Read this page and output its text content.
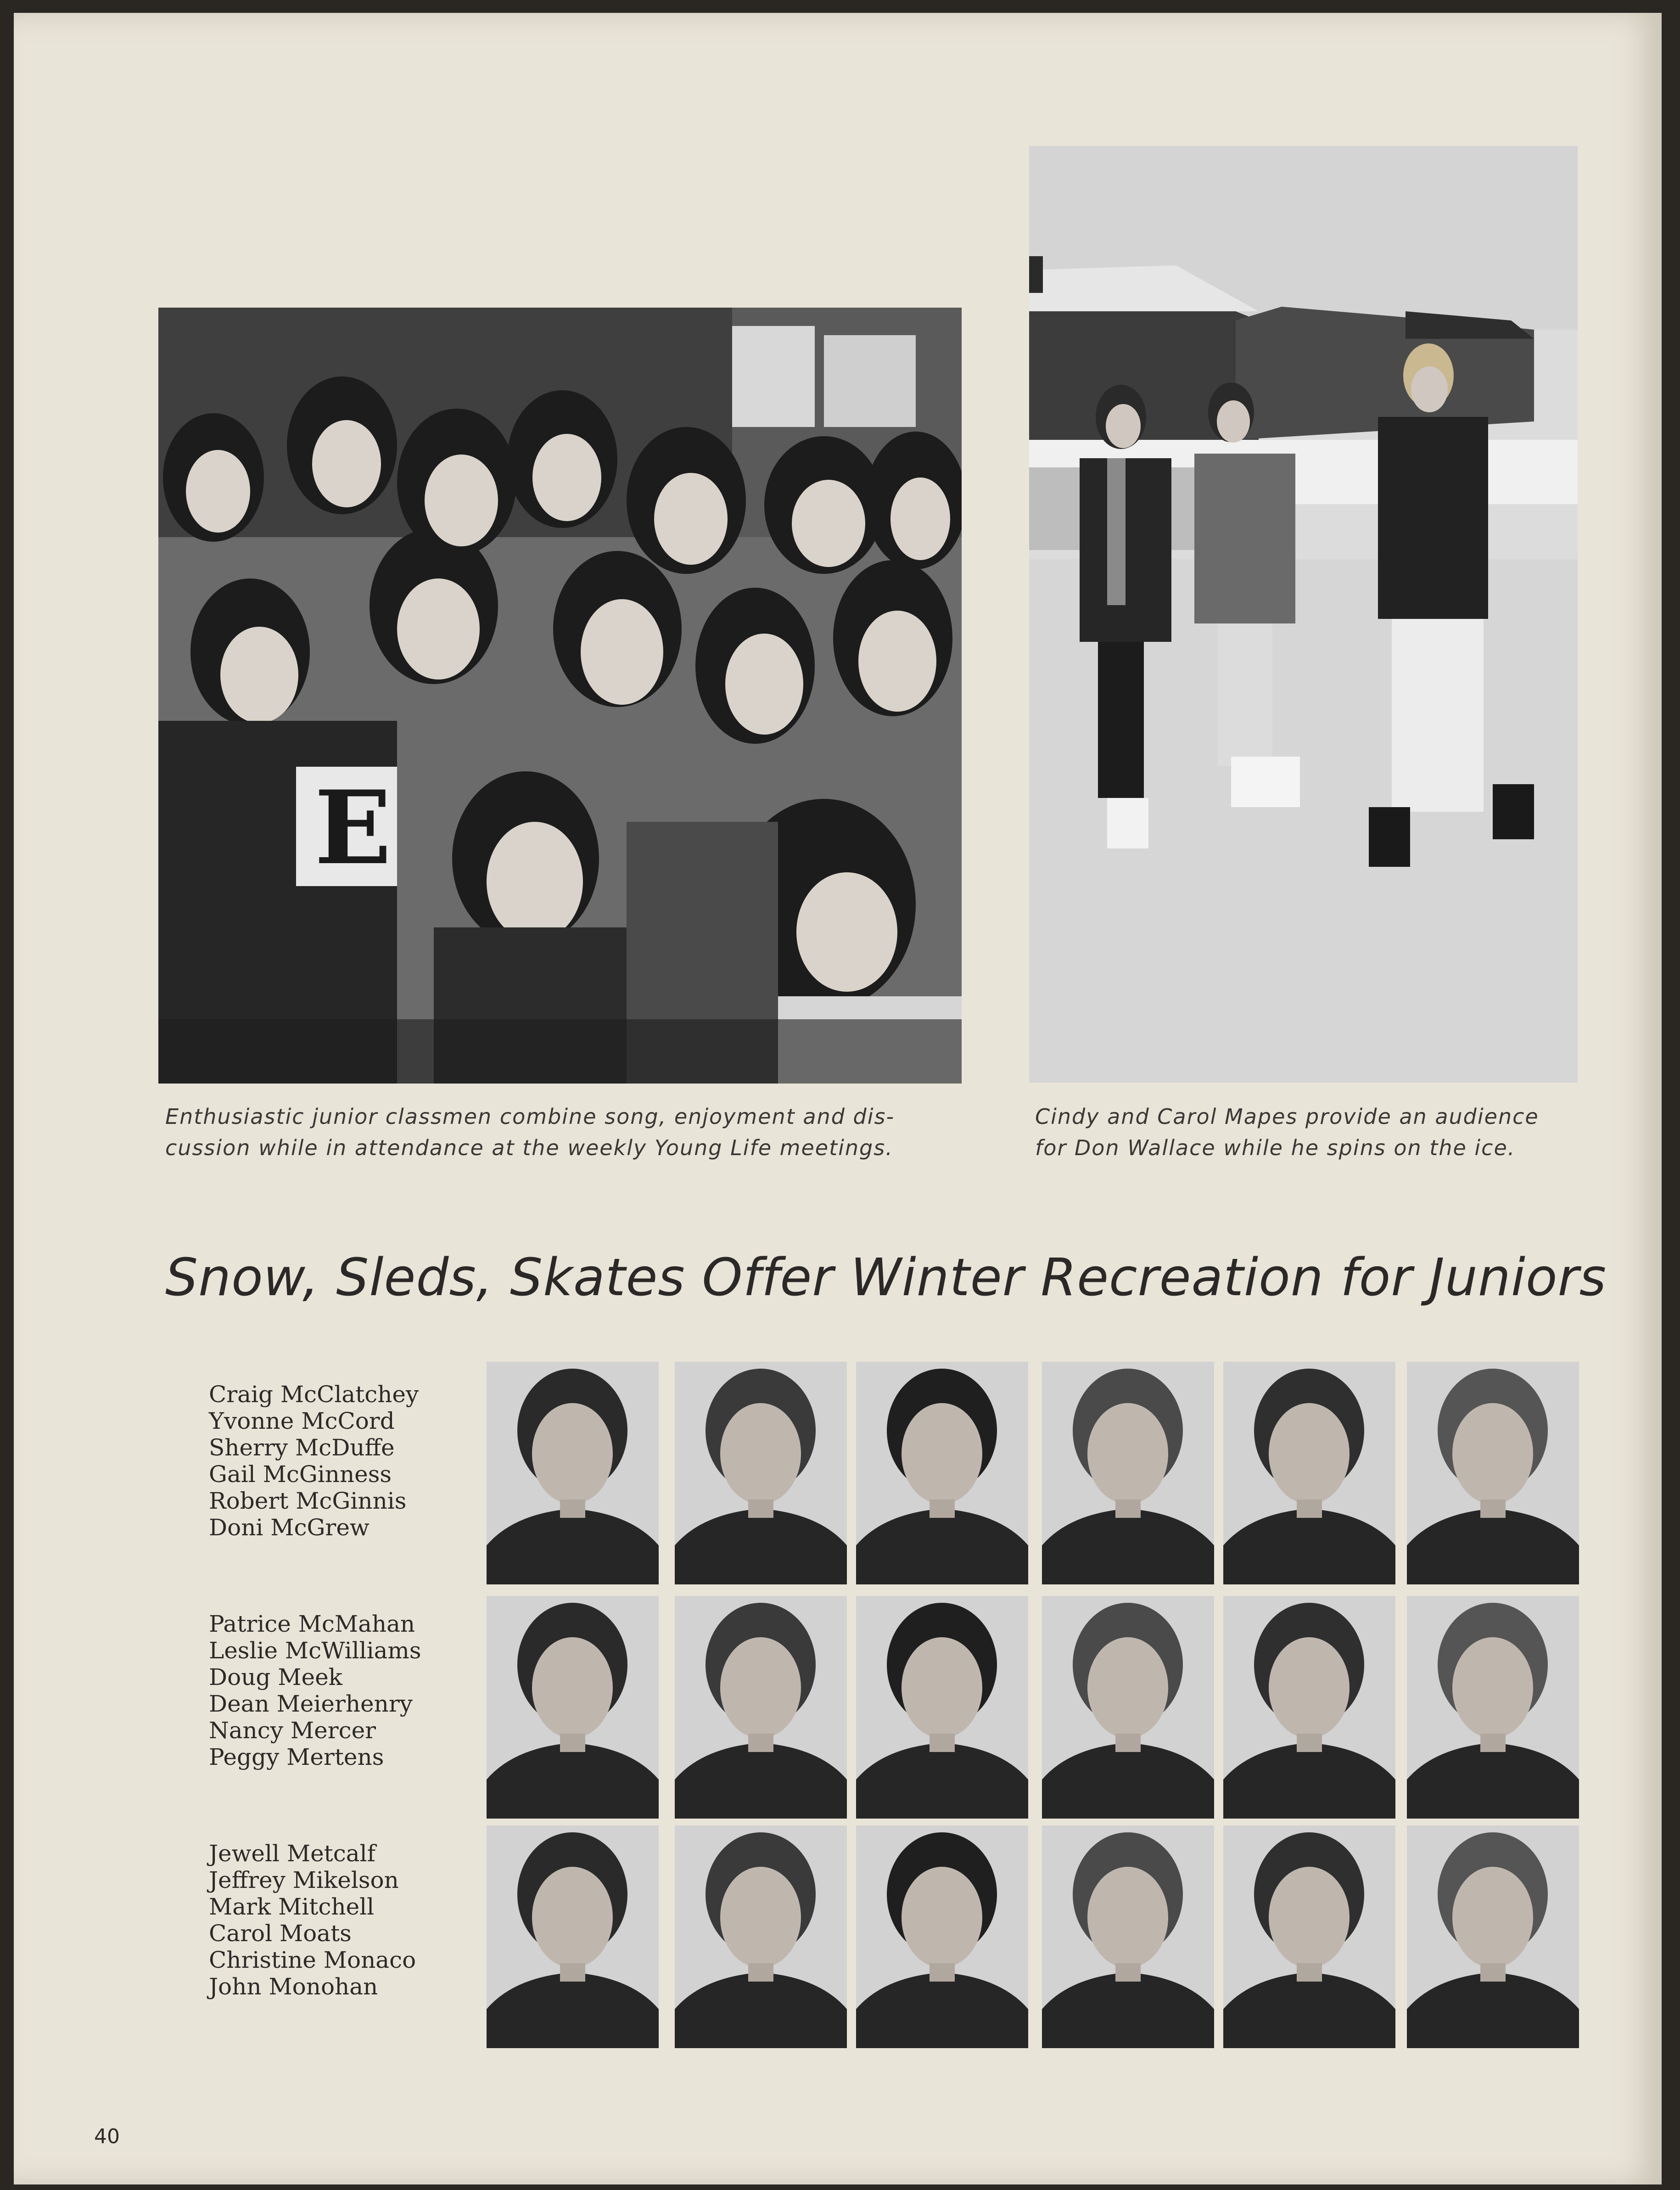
E
Enthusiastic junior classmen combine song, enjoyment and dis-
cussion while in attendance at the weekly Young Life meetings.
Cindy and Carol Mapes provide an audience
for Don Wallace while he spins on the ice.
Snow, Sleds, Skates Offer Winter Recreation for Juniors
Craig McClatchey
Yvonne McCord
Sherry McDuffe
Gail McGinness
Robert McGinnis
Doni McGrew
Patrice McMahan
Leslie McWilliams
Doug Meek
Dean Meierhenry
Nancy Mercer
Peggy Mertens
Jewell Metcalf
Jeffrey Mikelson
Mark Mitchell
Carol Moats
Christine Monaco
John Monohan
40
